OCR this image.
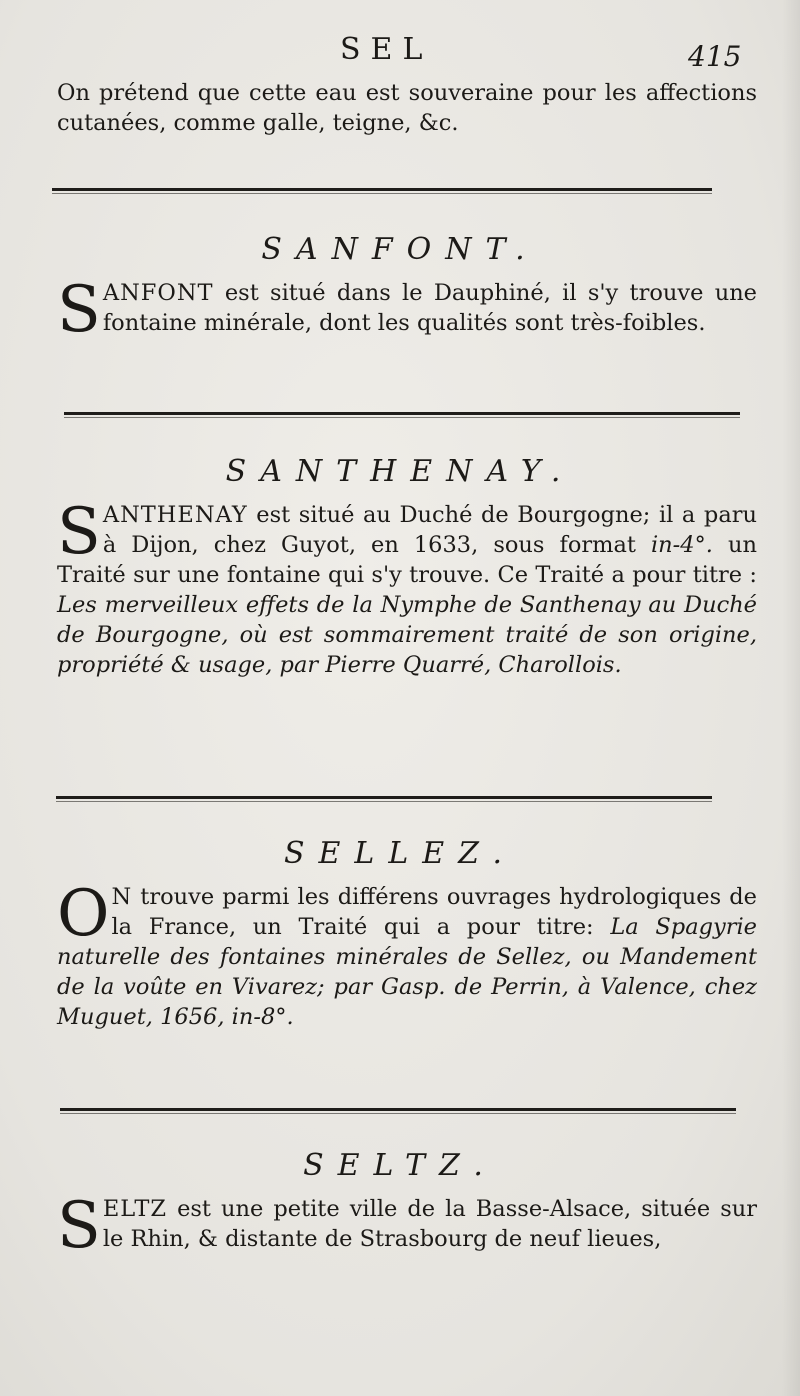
SEL	415
On prétend que cette eau est souveraine pour les affections cutanées, comme galle, teigne, &c.
SANFONT.
SANFONT est situé dans le Dauphiné, il s'y trouve une fontaine minérale, dont les qualités sont très-foibles.
SANTHENAY.
SANTHENAY est situé au Duché de Bourgogne; il a paru à Dijon, chez Guyot, en 1633, sous format in-4°. un Traité sur une fontaine qui s'y trouve. Ce Traité a pour titre : Les merveilleux effets de la Nymphe de Santhenay au Duché de Bourgogne, où est sommairement traité de son origine, propriété & usage, par Pierre Quarré, Charollois.
SELLEZ.
O N trouve parmi les différens ouvrages hydrologiques de la France, un Traité qui a pour titre: La Spagyrie naturelle des fontaines minérales de Sellez, ou Mandement de la voûte en Vivarez; par Gasp. de Perrin, à Valence, chez Muguet, 1656, in-8°.
SELTZ.
SELTZ est une petite ville de la Basse-Alsace, située sur le Rhin, & distante de Strasbourg de neuf lieues,
